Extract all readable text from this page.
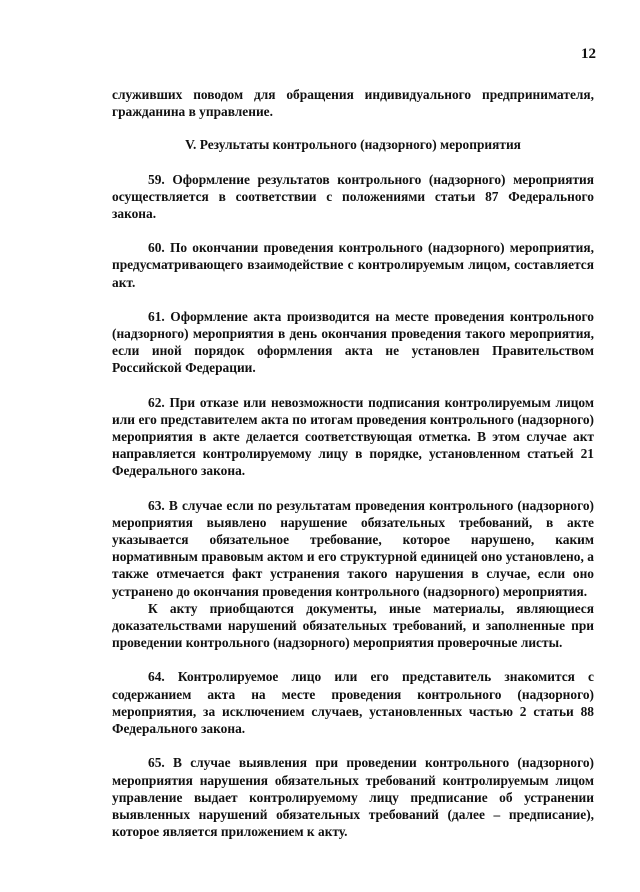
12

служивших поводом для обращения индивидуального предпринимателя, гражданина в управление.

V. Результаты контрольного (надзорного) мероприятия

59. Оформление результатов контрольного (надзорного) мероприятия осуществляется в соответствии с положениями статьи 87 Федерального закона.

60. По окончании проведения контрольного (надзорного) мероприятия, предусматривающего взаимодействие с контролируемым лицом, составляется акт.

61. Оформление акта производится на месте проведения контрольного (надзорного) мероприятия в день окончания проведения такого мероприятия, если иной порядок оформления акта не установлен Правительством Российской Федерации.

62. При отказе или невозможности подписания контролируемым лицом или его представителем акта по итогам проведения контрольного (надзорного) мероприятия в акте делается соответствующая отметка. В этом случае акт направляется контролируемому лицу в порядке, установленном статьей 21 Федерального закона.

63. В случае если по результатам проведения контрольного (надзорного) мероприятия выявлено нарушение обязательных требований, в акте указывается обязательное требование, которое нарушено, каким нормативным правовым актом и его структурной единицей оно установлено, а также отмечается факт устранения такого нарушения в случае, если оно устранено до окончания проведения контрольного (надзорного) мероприятия.

К акту приобщаются документы, иные материалы, являющиеся доказательствами нарушений обязательных требований, и заполненные при проведении контрольного (надзорного) мероприятия проверочные листы.

64. Контролируемое лицо или его представитель знакомится с содержанием акта на месте проведения контрольного (надзорного) мероприятия, за исключением случаев, установленных частью 2 статьи 88 Федерального закона.

65. В случае выявления при проведении контрольного (надзорного) мероприятия нарушения обязательных требований контролируемым лицом управление выдает контролируемому лицу предписание об устранении выявленных нарушений обязательных требований (далее – предписание), которое является приложением к акту.
